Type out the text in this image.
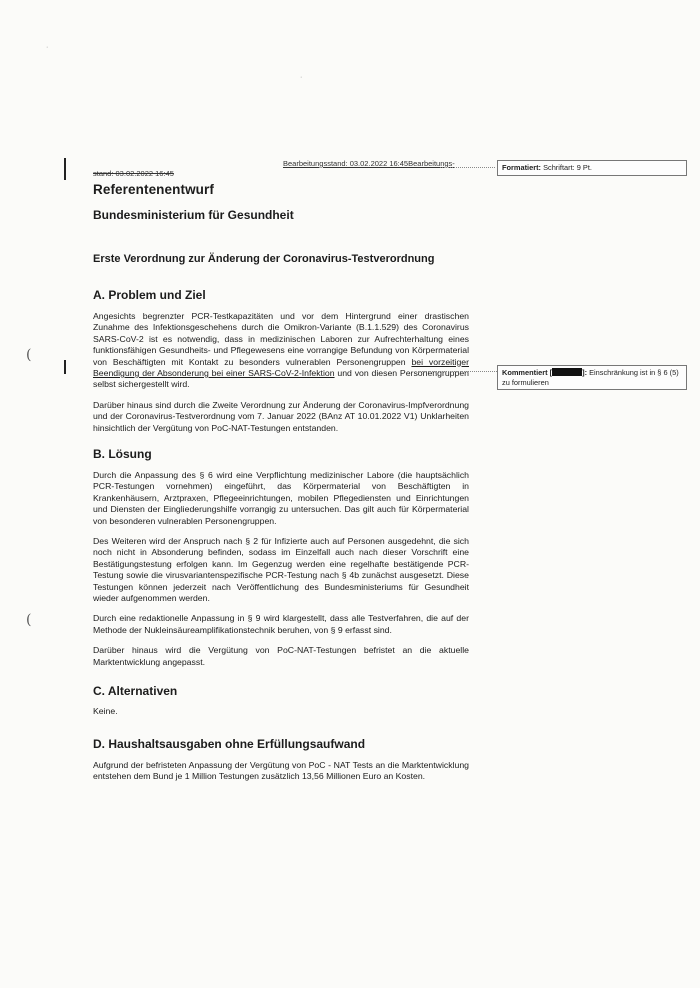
·
·
(
(
stand: 03.02.2022 16:45
Bearbeitungsstand: 03.02.2022 16:45Bearbeitungs-	Formatiert: Schriftart: 9 Pt.
Referentenentwurf
Bundesministerium für Gesundheit
Erste Verordnung zur Änderung der Coronavirus-Testverordnung
A. Problem und Ziel

Angesichts begrenzter PCR-Testkapazitäten und vor dem Hintergrund einer drastischen Zunahme des Infektionsgeschehens durch die Omikron-Variante (B.1.1.529) des Coronavirus SARS-CoV-2 ist es notwendig, dass in medizinischen Laboren zur Aufrechterhaltung eines funktionsfähigen Gesundheits- und Pflegewesens eine vorrangige Befundung von Körpermaterial von Beschäftigten mit Kontakt zu besonders vulnerablen Personengruppen bei vorzeitiger Beendigung der Absonderung bei einer SARS-CoV-2-Infektion und von diesen Personengruppen selbst sichergestellt wird.

Darüber hinaus sind durch die Zweite Verordnung zur Änderung der Coronavirus-Impfverordnung und der Coronavirus-Testverordnung vom 7. Januar 2022 (BAnz AT 10.01.2022 V1) Unklarheiten hinsichtlich der Vergütung von PoC-NAT-Testungen entstanden.

Kommentiert [	]: Einschränkung ist in § 6 (5) zu formulieren
B. Lösung

Durch die Anpassung des § 6 wird eine Verpflichtung medizinischer Labore (die hauptsächlich PCR-Testungen vornehmen) eingeführt, das Körpermaterial von Beschäftigten in Krankenhäusern, Arztpraxen, Pflegeeinrichtungen, mobilen Pflegediensten und Einrichtungen und Diensten der Eingliederungshilfe vorrangig zu untersuchen. Das gilt auch für Körpermaterial von besonderen vulnerablen Personengruppen.

Des Weiteren wird der Anspruch nach § 2 für Infizierte auch auf Personen ausgedehnt, die sich noch nicht in Absonderung befinden, sodass im Einzelfall auch nach dieser Vorschrift eine Bestätigungstestung erfolgen kann. Im Gegenzug werden eine regelhafte bestätigende PCR-Testung sowie die virusvariantenspezifische PCR-Testung nach § 4b zunächst ausgesetzt. Diese Testungen können jederzeit nach Veröffentlichung des Bundesministeriums für Gesundheit wieder aufgenommen werden.

Durch eine redaktionelle Anpassung in § 9 wird klargestellt, dass alle Testverfahren, die auf der Methode der Nukleinsäureamplifikationstechnik beruhen, von § 9 erfasst sind.

Darüber hinaus wird die Vergütung von PoC-NAT-Testungen befristet an die aktuelle Marktentwicklung angepasst.

C. Alternativen

Keine.

D. Haushaltsausgaben ohne Erfüllungsaufwand

Aufgrund der befristeten Anpassung der Vergütung von PoC - NAT Tests an die Marktentwicklung entstehen dem Bund je 1 Million Testungen zusätzlich 13,56 Millionen Euro an Kosten.
